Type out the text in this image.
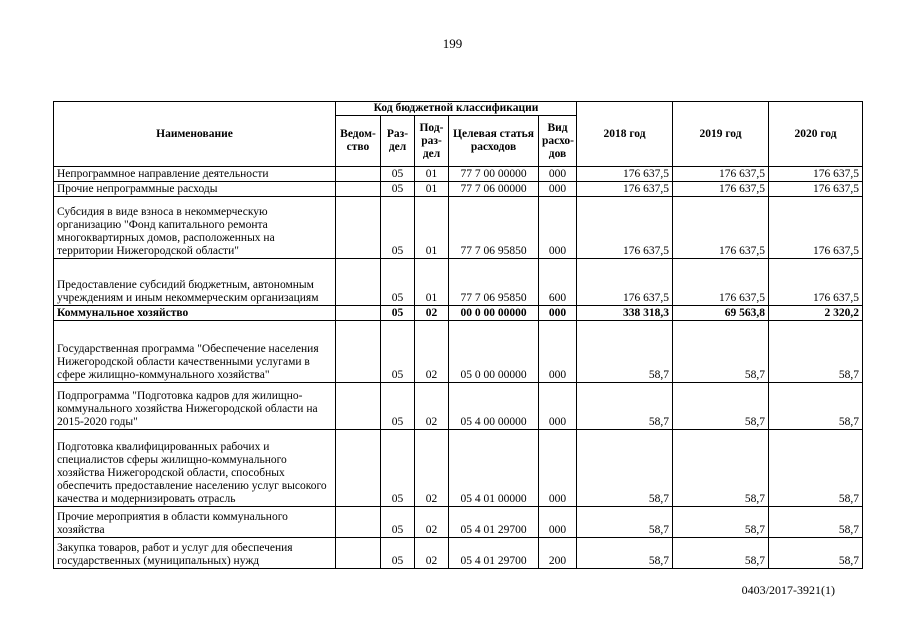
199
Наименование	Код бюджетной классификации					2018 год	2019 год	2020 год
	Ведом-ство	Раз-дел	Под-раз-дел	Целевая статья расходов	Вид расхо-дов			
Непрограммное направление деятельности		05	01	77 7 00 00000	000	176 637,5	176 637,5	176 637,5
Прочие непрограммные расходы		05	01	77 7 06 00000	000	176 637,5	176 637,5	176 637,5
Субсидия в виде взноса в некоммерческую организацию "Фонд капитального ремонта многоквартирных домов, расположенных на территории Нижегородской области"		05	01	77 7 06 95850	000	176 637,5	176 637,5	176 637,5
Предоставление субсидий бюджетным, автономным учреждениям и иным некоммерческим организациям		05	01	77 7 06 95850	600	176 637,5	176 637,5	176 637,5
Коммунальное хозяйство		05	02	00 0 00 00000	000	338 318,3	69 563,8	2 320,2
Государственная программа "Обеспечение населения Нижегородской области качественными услугами в сфере жилищно-коммунального хозяйства"		05	02	05 0 00 00000	000	58,7	58,7	58,7
Подпрограмма "Подготовка кадров для жилищно-коммунального хозяйства Нижегородской области на 2015-2020 годы"		05	02	05 4 00 00000	000	58,7	58,7	58,7
Подготовка квалифицированных рабочих и специалистов сферы жилищно-коммунального хозяйства Нижегородской области, способных обеспечить предоставление населению услуг высокого качества и модернизировать отрасль		05	02	05 4 01 00000	000	58,7	58,7	58,7
Прочие мероприятия в области коммунального хозяйства		05	02	05 4 01 29700	000	58,7	58,7	58,7
Закупка товаров, работ и услуг для обеспечения государственных (муниципальных) нужд		05	02	05 4 01 29700	200	58,7	58,7	58,7
0403/2017-3921(1)
